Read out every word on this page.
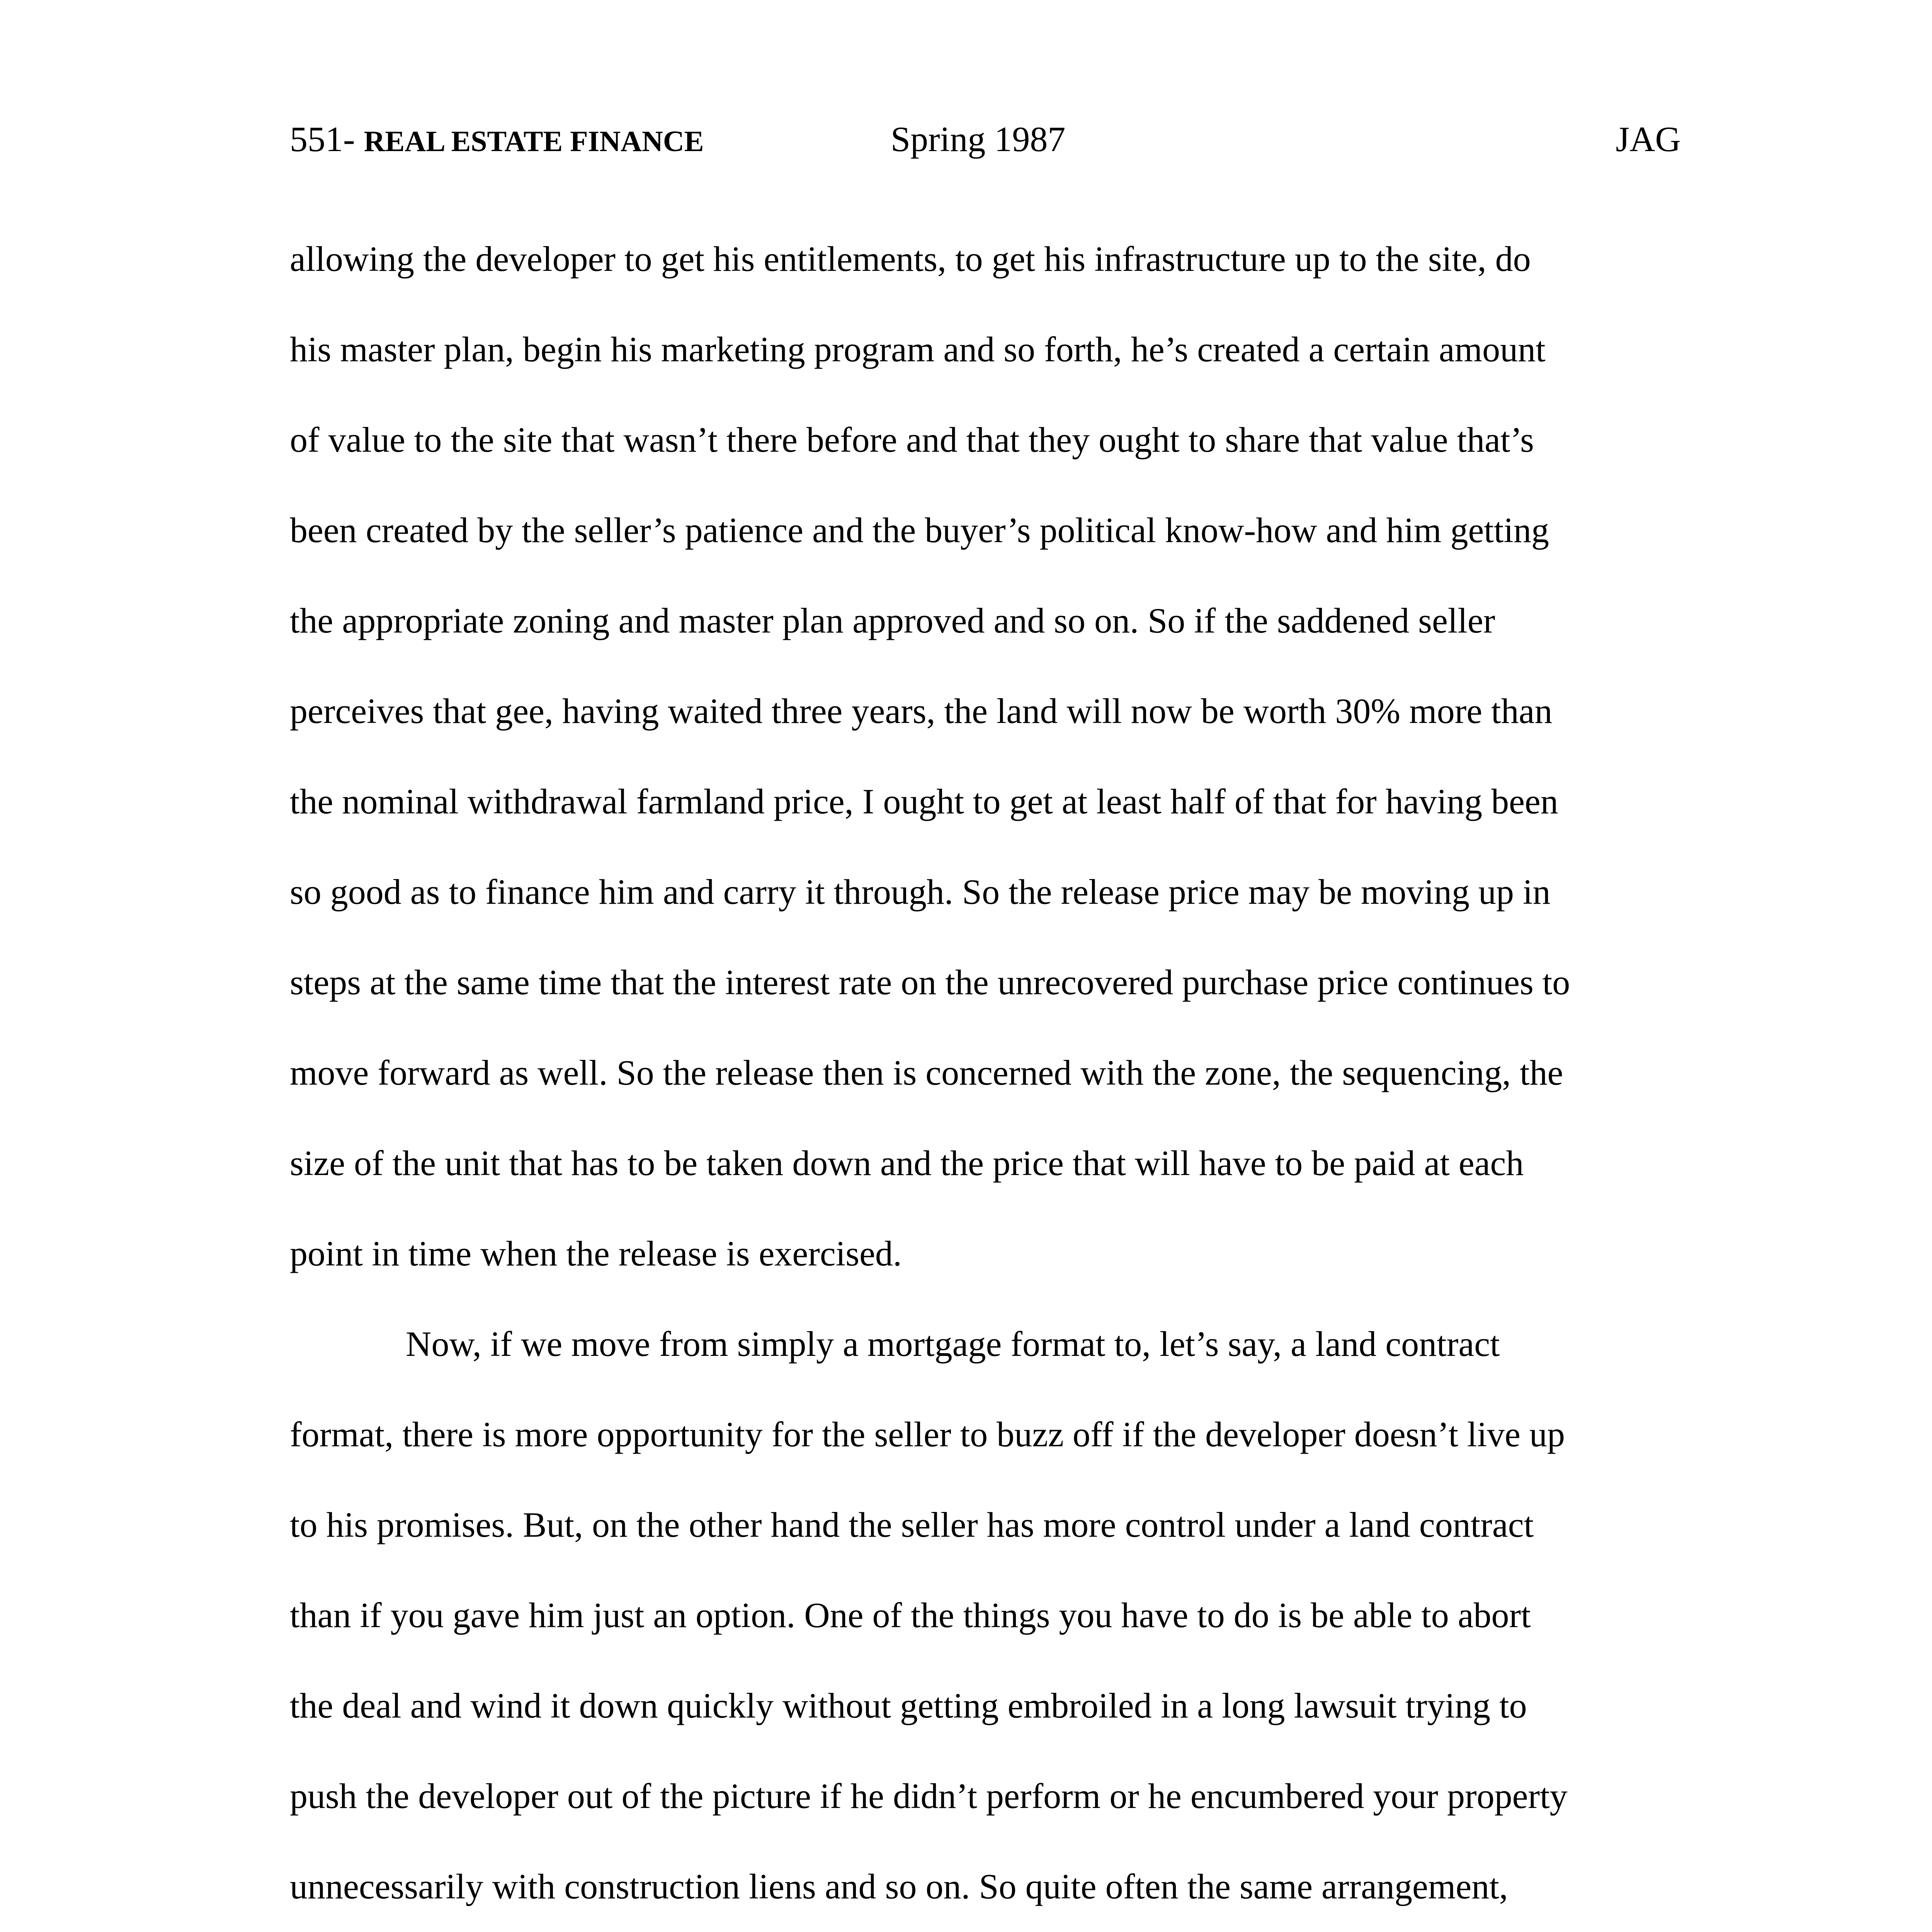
551- REAL ESTATE FINANCE	Spring 1987	JAG
allowing the developer to get his entitlements, to get his infrastructure up to the site, do
his master plan, begin his marketing program and so forth, he’s created a certain amount
of value to the site that wasn’t there before and that they ought to share that value that’s
been created by the seller’s patience and the buyer’s political know-how and him getting
the appropriate zoning and master plan approved and so on. So if the saddened seller
perceives that gee, having waited three years, the land will now be worth 30% more than
the nominal withdrawal farmland price, I ought to get at least half of that for having been
so good as to finance him and carry it through. So the release price may be moving up in
steps at the same time that the interest rate on the unrecovered purchase price continues to
move forward as well. So the release then is concerned with the zone, the sequencing, the
size of the unit that has to be taken down and the price that will have to be paid at each
point in time when the release is exercised.
Now, if we move from simply a mortgage format to, let’s say, a land contract
format, there is more opportunity for the seller to buzz off if the developer doesn’t live up
to his promises. But, on the other hand the seller has more control under a land contract
than if you gave him just an option. One of the things you have to do is be able to abort
the deal and wind it down quickly without getting embroiled in a long lawsuit trying to
push the developer out of the picture if he didn’t perform or he encumbered your property
unnecessarily with construction liens and so on. So quite often the same arrangement,
